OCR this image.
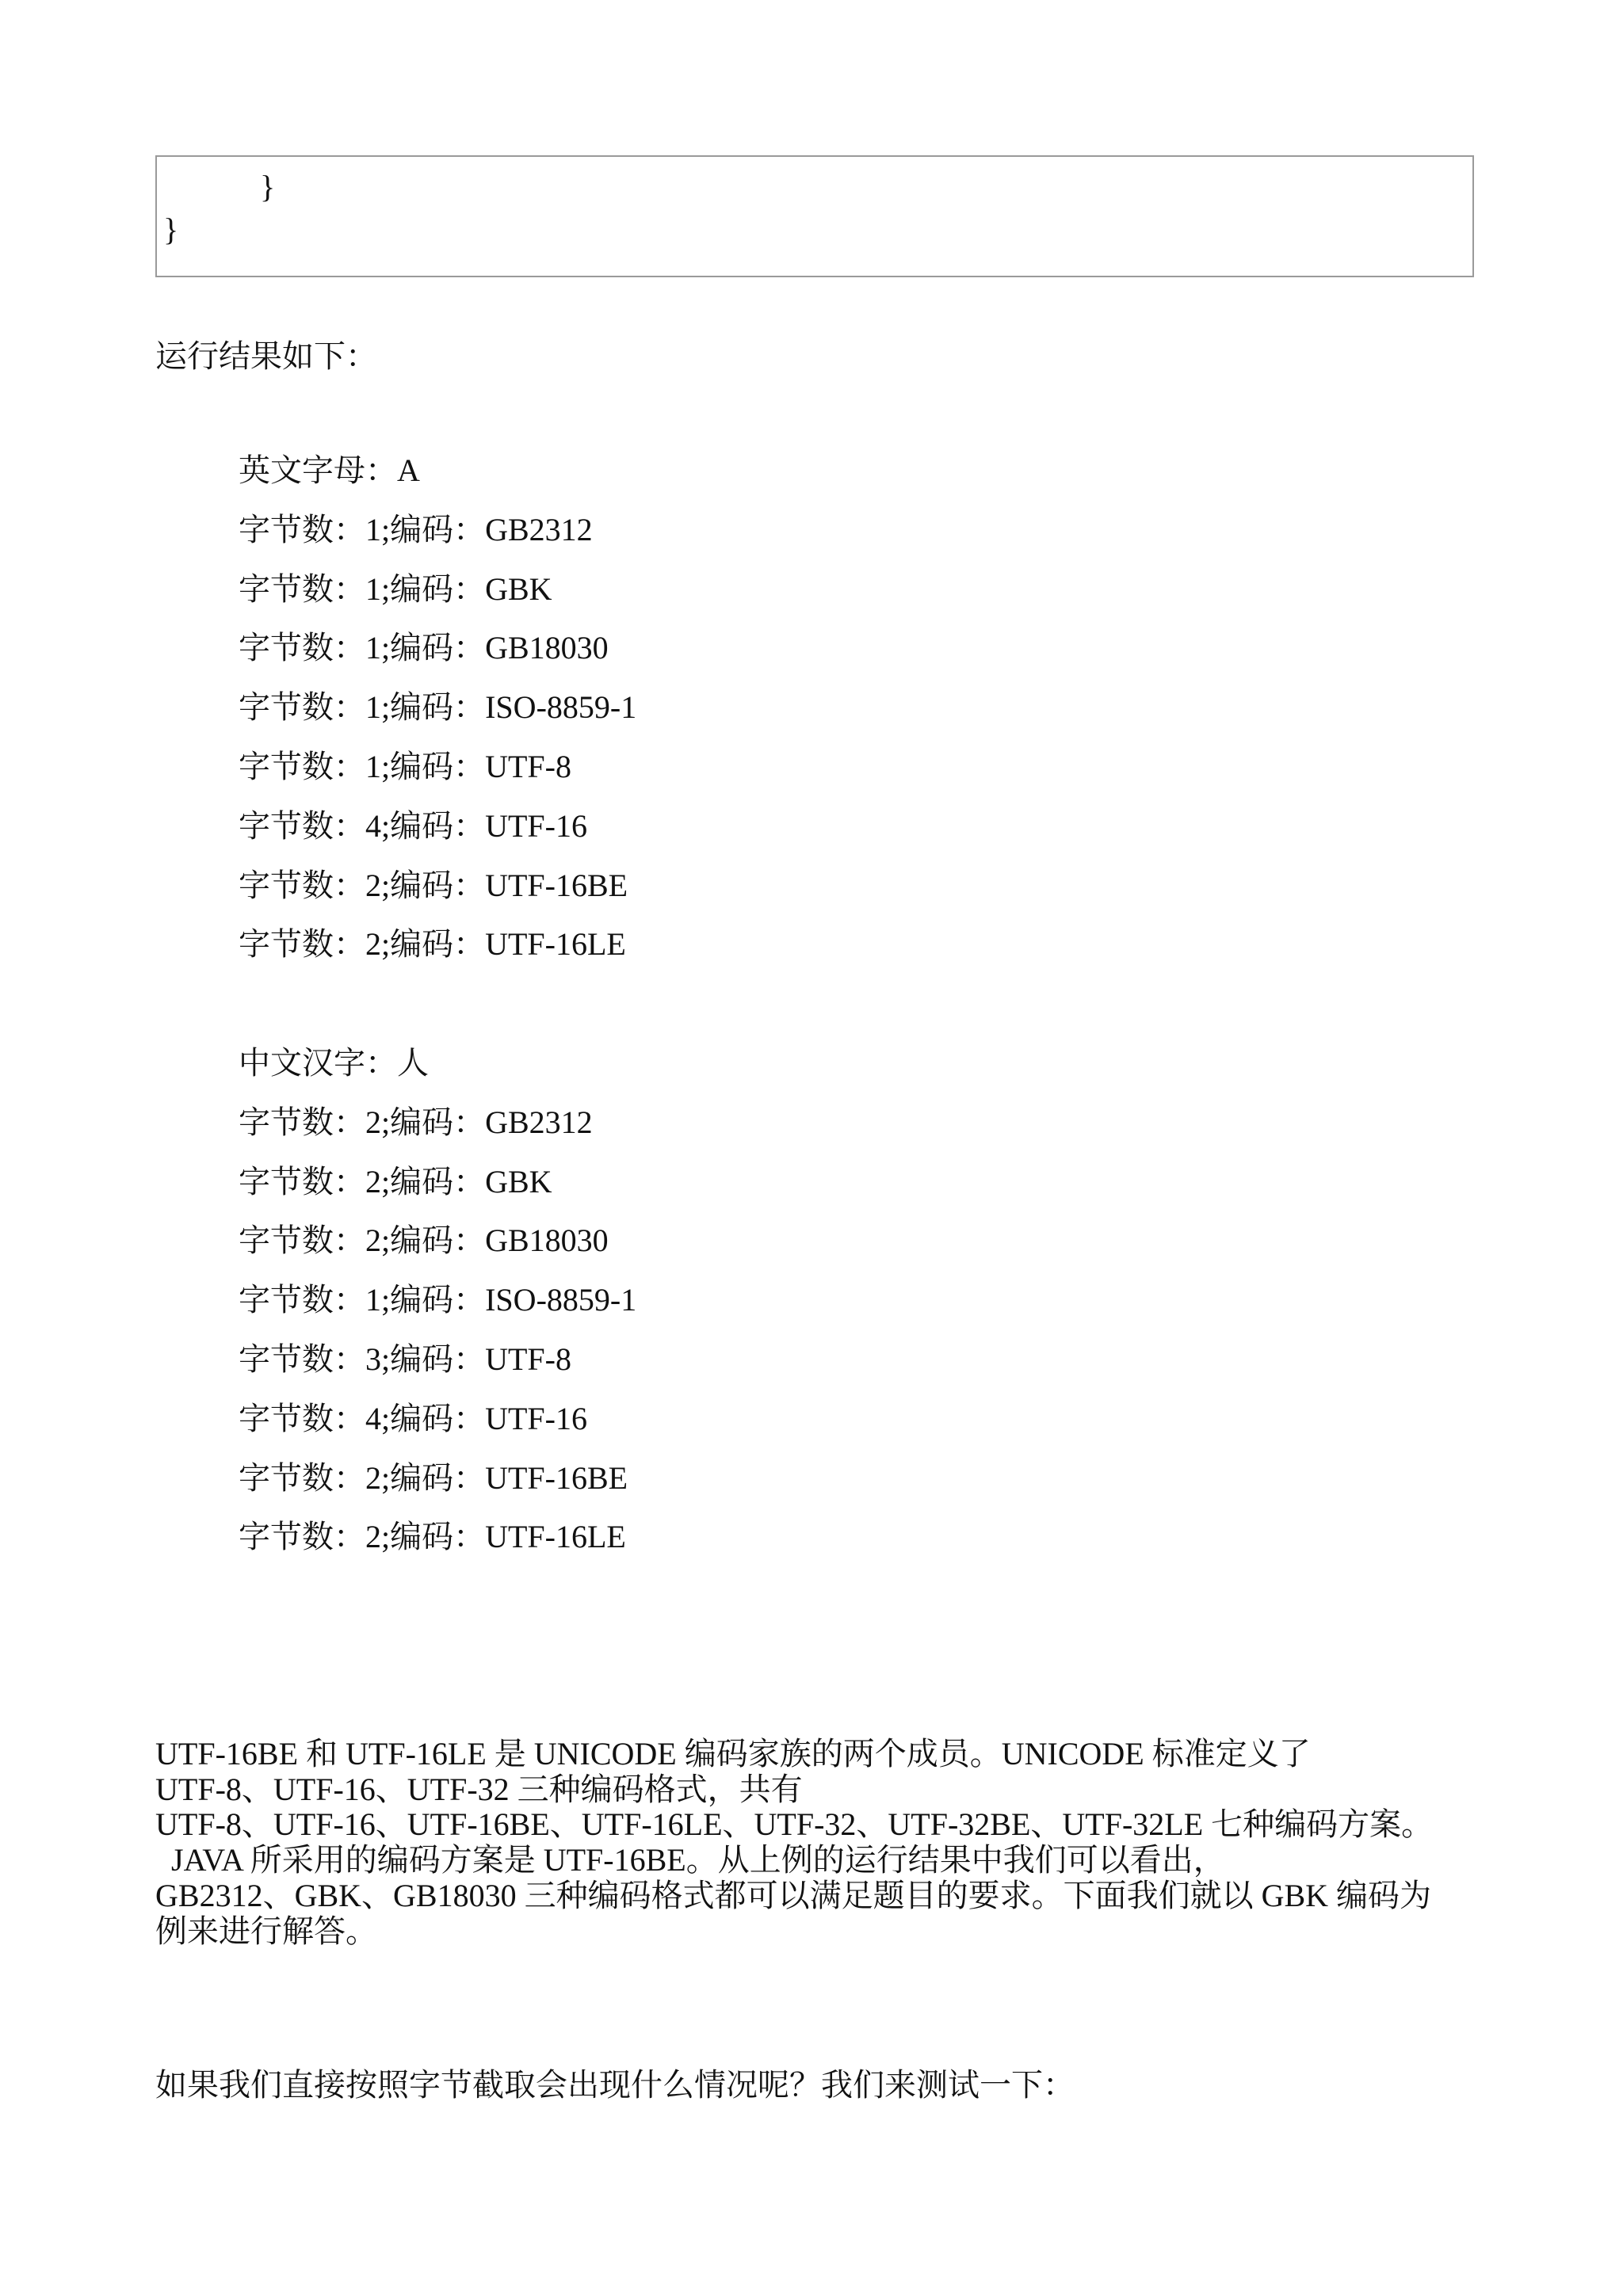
}
}
运行结果如下：
英文字母：A
字节数：1;编码：GB2312
字节数：1;编码：GBK
字节数：1;编码：GB18030
字节数：1;编码：ISO-8859-1
字节数：1;编码：UTF-8
字节数：4;编码：UTF-16
字节数：2;编码：UTF-16BE
字节数：2;编码：UTF-16LE
中文汉字：人
字节数：2;编码：GB2312
字节数：2;编码：GBK
字节数：2;编码：GB18030
字节数：1;编码：ISO-8859-1
字节数：3;编码：UTF-8
字节数：4;编码：UTF-16
字节数：2;编码：UTF-16BE
字节数：2;编码：UTF-16LE

UTF-16BE 和 UTF-16LE 是 UNICODE 编码家族的两个成员。UNICODE 标准定义了
UTF-8、UTF-16、UTF-32 三种编码格式，共有
UTF-8、UTF-16、UTF-16BE、UTF-16LE、UTF-32、UTF-32BE、UTF-32LE 七种编码方案。
JAVA 所采用的编码方案是 UTF-16BE。从上例的运行结果中我们可以看出，
GB2312、GBK、GB18030 三种编码格式都可以满足题目的要求。下面我们就以 GBK 编码为
例来进行解答。

如果我们直接按照字节截取会出现什么情况呢？我们来测试一下：
